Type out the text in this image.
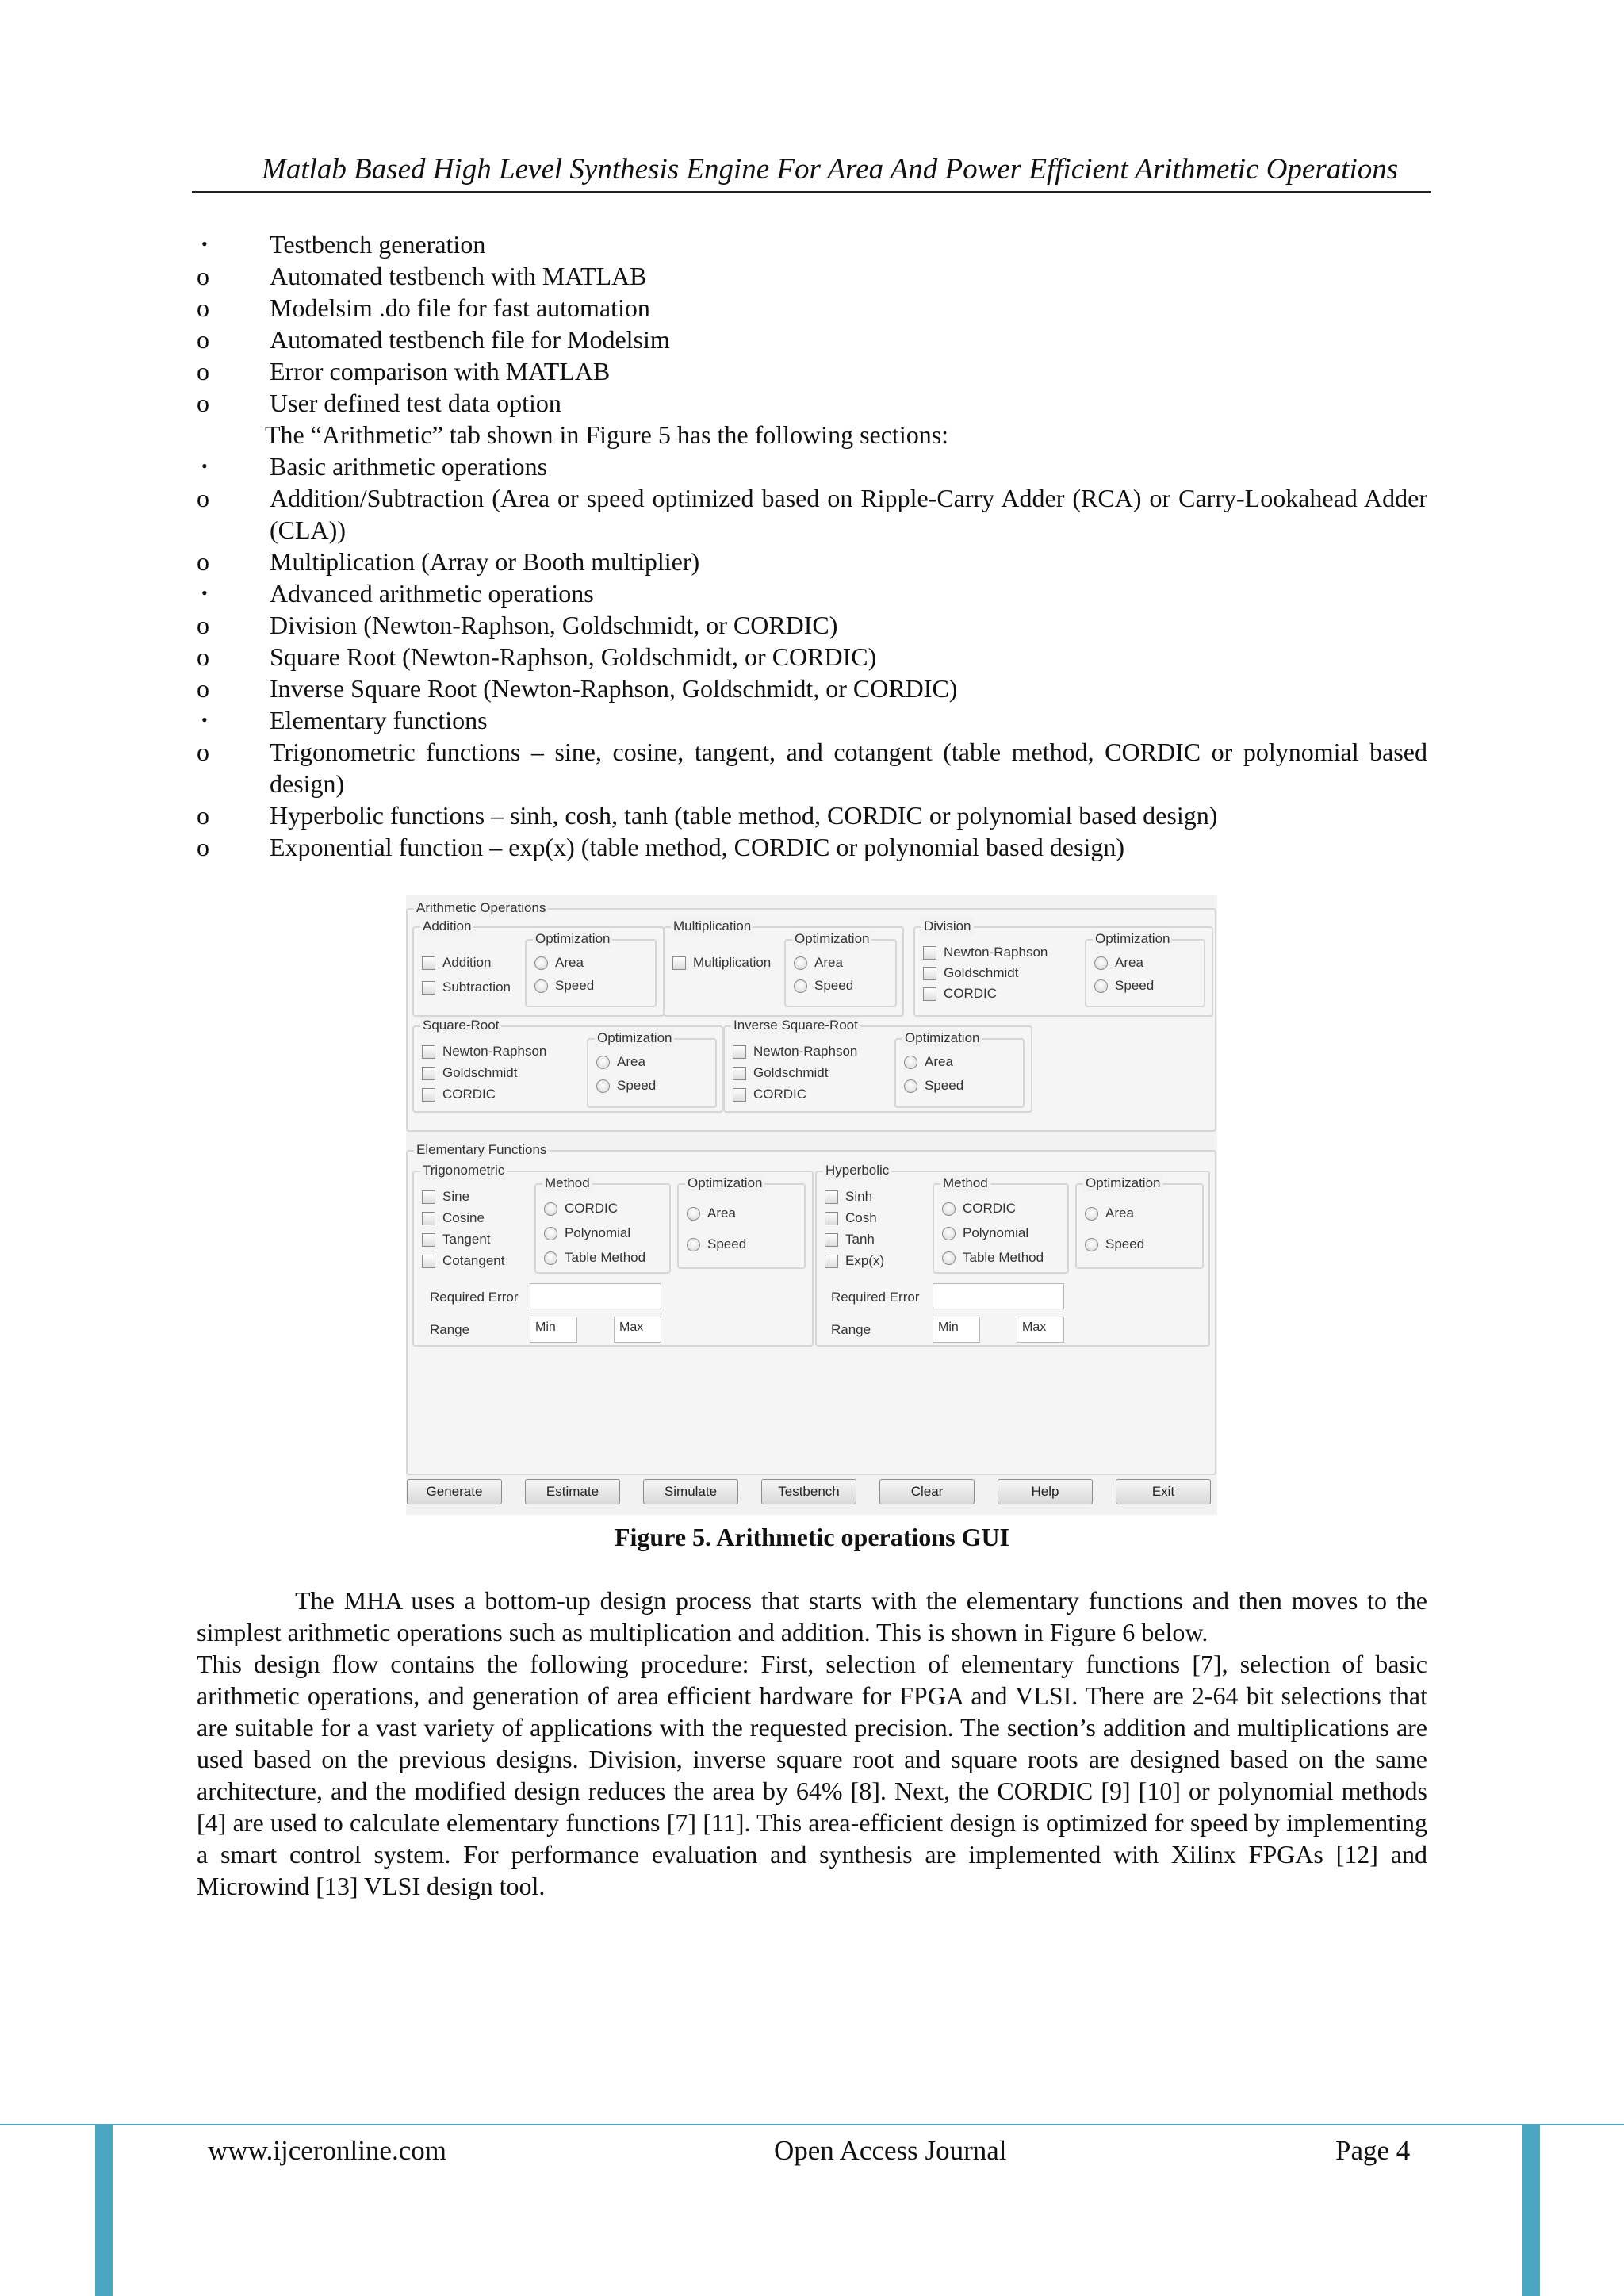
Matlab Based High Level Synthesis Engine For Area And Power Efficient Arithmetic Operations
•	Testbench generation
o	Automated testbench with MATLAB
o	Modelsim .do file for fast automation
o	Automated testbench file for Modelsim
o	Error comparison with MATLAB
o	User defined test data option
The “Arithmetic” tab shown in Figure 5 has the following sections:
•	Basic arithmetic operations
o	Addition/Subtraction (Area or speed optimized based on Ripple-Carry Adder (RCA) or Carry-Lookahead Adder (CLA))
o	Multiplication (Array or Booth multiplier)
•	Advanced arithmetic operations
o	Division (Newton-Raphson, Goldschmidt, or CORDIC)
o	Square Root (Newton-Raphson, Goldschmidt, or CORDIC)
o	Inverse Square Root (Newton-Raphson, Goldschmidt, or CORDIC)
•	Elementary functions
o	Trigonometric functions – sine, cosine, tangent, and cotangent (table method, CORDIC or polynomial based design)
o	Hyperbolic functions – sinh, cosh, tanh (table method, CORDIC or polynomial based design)
o	Exponential function – exp(x) (table method, CORDIC or polynomial based design)
Arithmetic Operations
Addition
Addition
Subtraction
Optimization
Area
Speed
Multiplication
Multiplication
Optimization
Area
Speed
Division
Newton-Raphson
Goldschmidt
CORDIC
Optimization
Area
Speed
Square-Root
Newton-Raphson
Goldschmidt
CORDIC
Optimization
Area
Speed
Inverse Square-Root
Newton-Raphson
Goldschmidt
CORDIC
Optimization
Area
Speed
Elementary Functions
Trigonometric
Sine
Cosine
Tangent
Cotangent
Method
CORDIC
Polynomial
Table Method
Optimization
Area
Speed
Required Error
Range	Min	Max
Hyperbolic
Sinh
Cosh
Tanh
Exp(x)
Method
CORDIC
Polynomial
Table Method
Optimization
Area
Speed
Required Error
Range	Min	Max
Generate	Estimate	Simulate	Testbench	Clear	Help	Exit
Figure 5. Arithmetic operations GUI

The MHA uses a bottom-up design process that starts with the elementary functions and then moves to the simplest arithmetic operations such as multiplication and addition. This is shown in Figure 6 below.

This design flow contains the following procedure: First, selection of elementary functions [7], selection of basic arithmetic operations, and generation of area efficient hardware for FPGA and VLSI. There are 2-64 bit selections that are suitable for a vast variety of applications with the requested precision. The section’s addition and multiplications are used based on the previous designs. Division, inverse square root and square roots are designed based on the same architecture, and the modified design reduces the area by 64% [8]. Next, the CORDIC [9] [10] or polynomial methods [4] are used to calculate elementary functions [7] [11]. This area-efficient design is optimized for speed by implementing a smart control system. For performance evaluation and synthesis are implemented with Xilinx FPGAs [12] and Microwind [13] VLSI design tool.

www.ijceronline.com	Open Access Journal	Page 4
